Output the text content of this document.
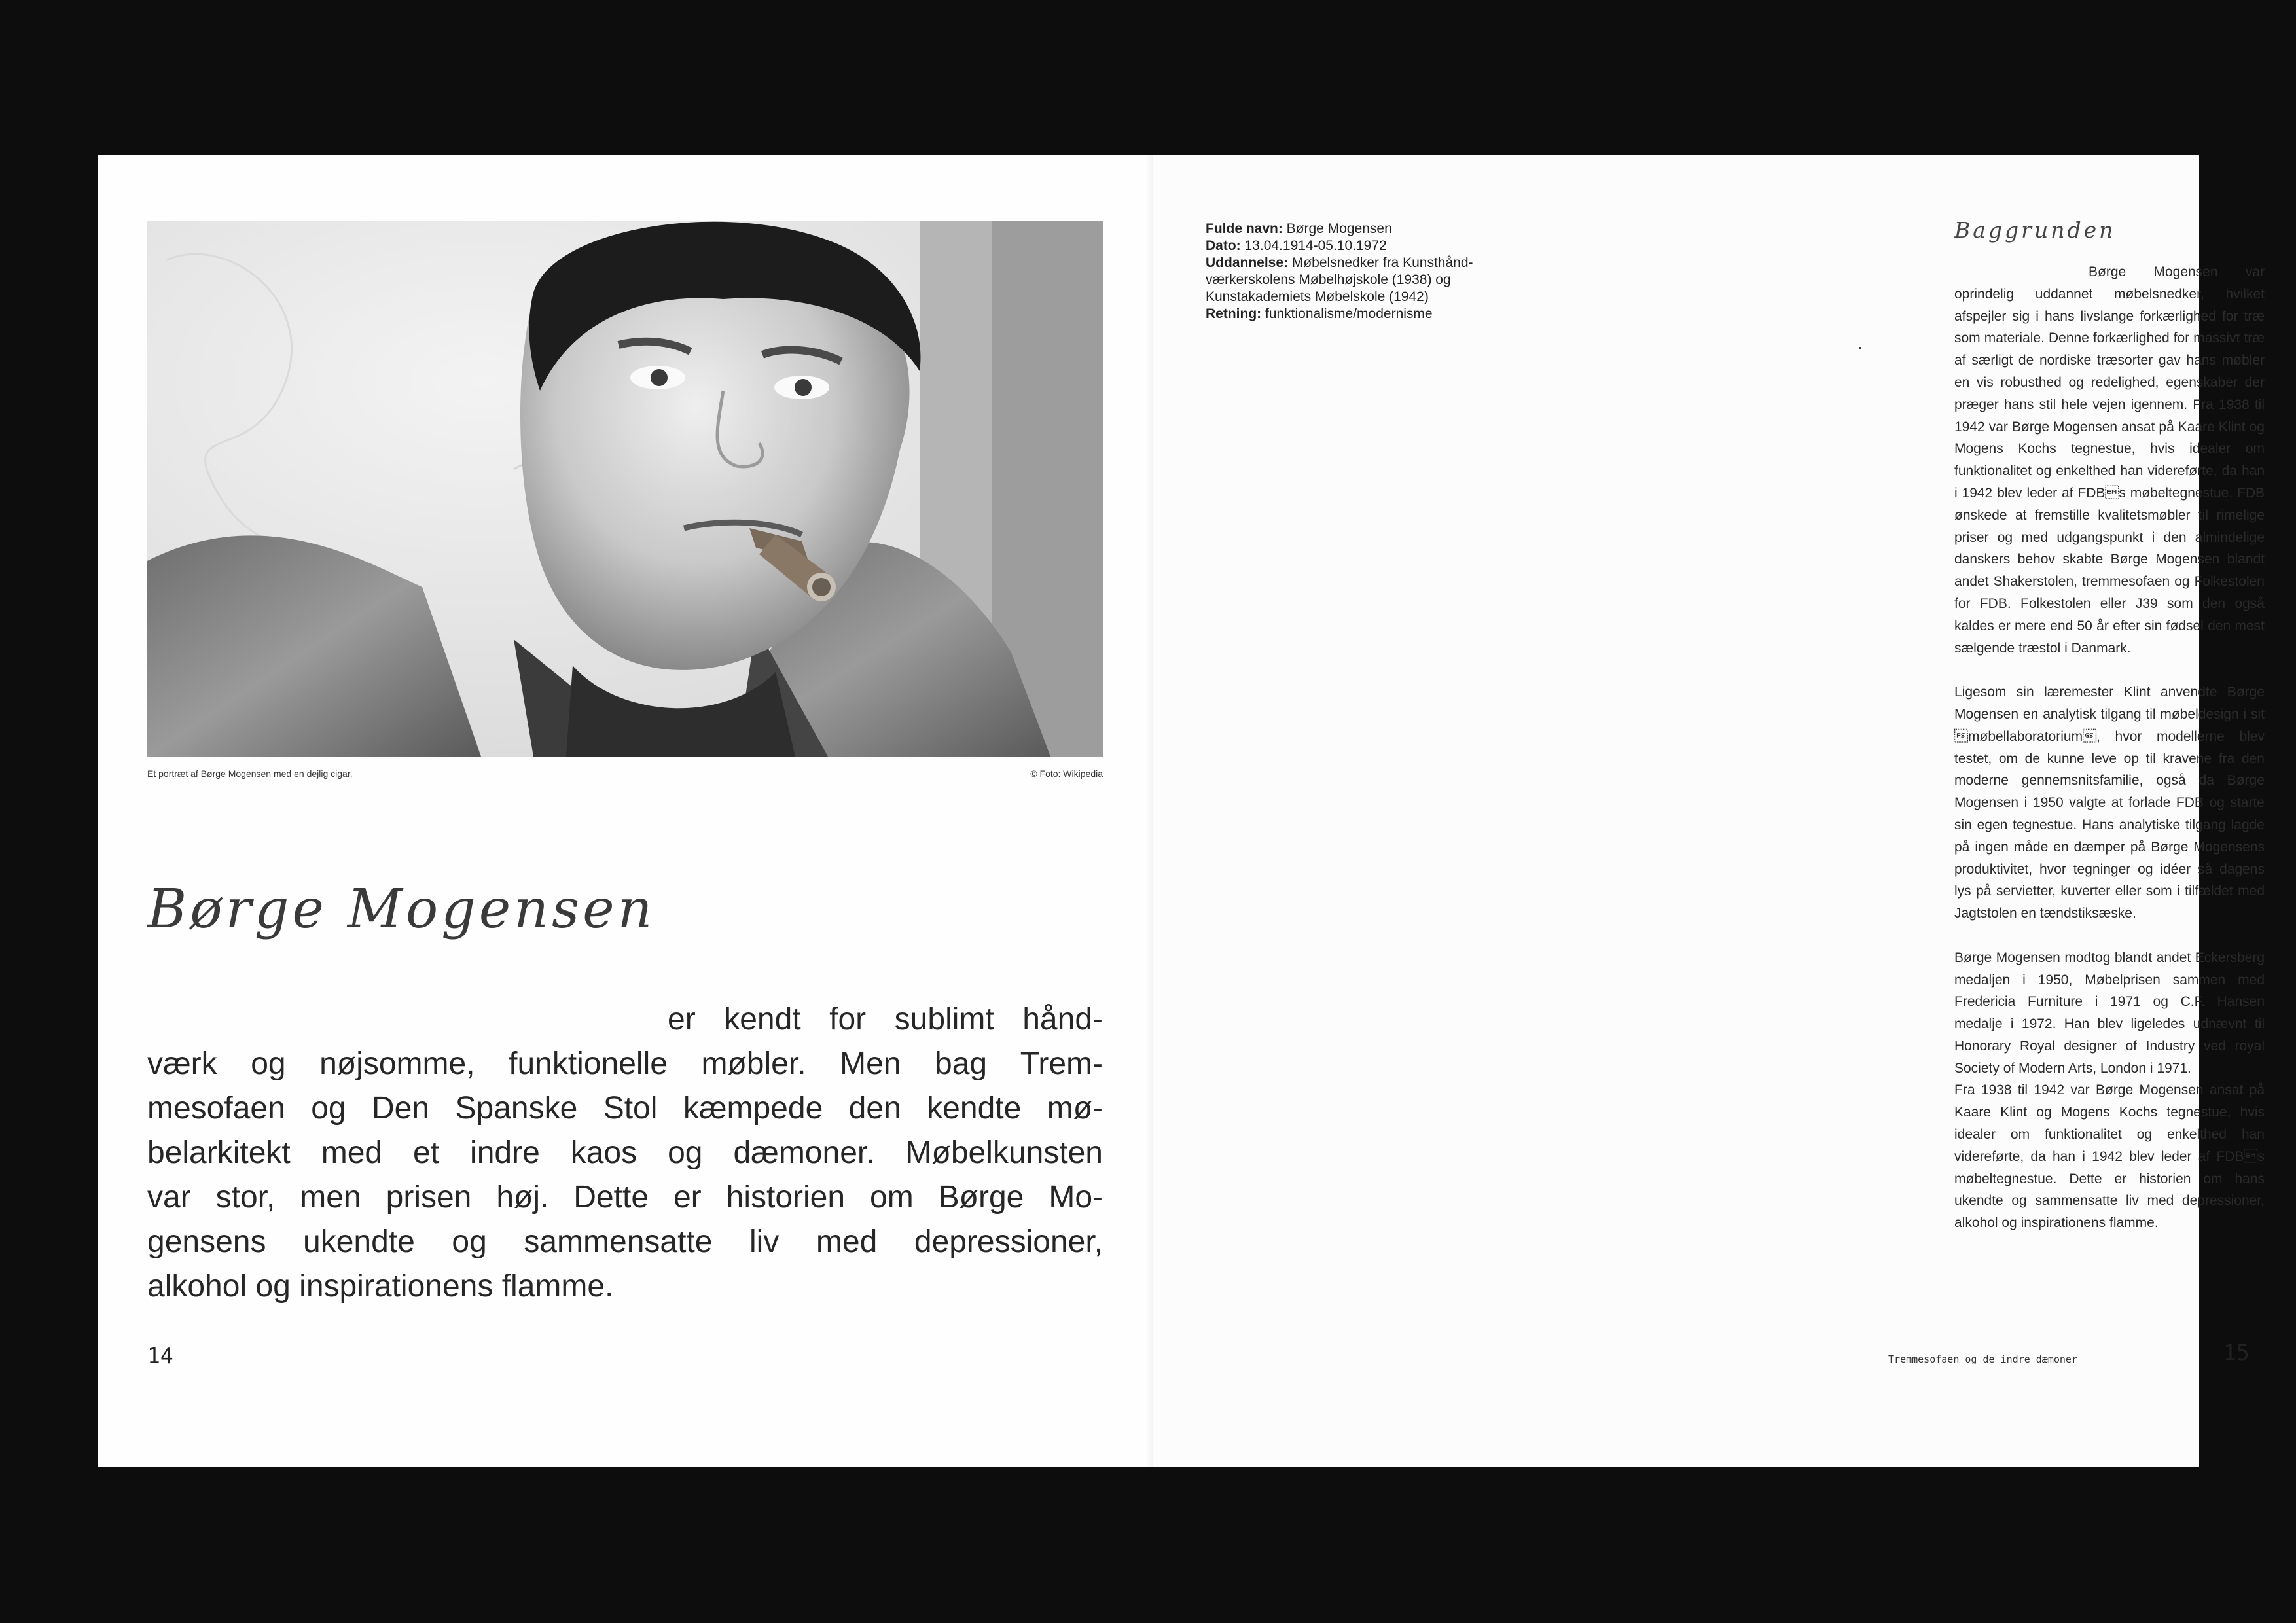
Et portræt af Børge Mogensen med en dejlig cigar.	© Foto: Wikipedia
Børge Mogensen
er kendt for sublimt hånd-
værk og nøjsomme, funktionelle møbler. Men bag Trem-
mesofaen og Den Spanske Stol kæmpede den kendte mø-
belarkitekt med et indre kaos og dæmoner. Møbelkunsten
var stor, men prisen høj. Dette er historien om Børge Mo-
gensens ukendte og sammensatte liv med depressioner,
alkohol og inspirationens flamme.
14
Fulde navn: Børge Mogensen
Dato: 13.04.1914-05.10.1972
Uddannelse: Møbelsnedker fra Kunsthånd-værkerskolens Møbelhøjskole (1938) og Kunstakademiets Møbelskole (1942)
Retning: funktionalisme/modernisme
Baggrunden

Børge Mogensen var oprindelig uddannet møbelsnedker, hvilket afspejler sig i hans livslange forkærlighed for træ som materiale. Denne forkærlighed for massivt træ af særligt de nordiske træsorter gav hans møbler en vis robusthed og redelighed, egenskaber der præger hans stil hele vejen igennem. Fra 1938 til 1942 var Børge Mogensen ansat på Kaare Klint og Mogens Kochs tegnestue, hvis idealer om funktionalitet og enkelthed han videreførte, da han i 1942 blev leder af FDBs møbeltegnestue. FDB ønskede at fremstille kvalitetsmøbler til rimelige priser og med udgangspunkt i den almindelige danskers behov skabte Børge Mogensen blandt andet Shakerstolen, tremmesofaen og Folkestolen for FDB. Folkestolen eller J39 som den også kaldes er mere end 50 år efter sin fødsel den mest sælgende træstol i Danmark.

Ligesom sin læremester Klint anvendte Børge Mogensen en analytisk tilgang til møbeldesign i sit møbellaboratorium, hvor modellerne blev testet, om de kunne leve op til kravene fra den moderne gennemsnitsfamilie, også da Børge Mogensen i 1950 valgte at forlade FDB og starte sin egen tegnestue. Hans analytiske tilgang lagde på ingen måde en dæmper på Børge Mogensens produktivitet, hvor tegninger og idéer så dagens lys på servietter, kuverter eller som i tilfældet med Jagtstolen en tændstiksæske.

Børge Mogensen modtog blandt andet Eckersberg medaljen i 1950, Møbelprisen sammen med Fredericia Furniture i 1971 og C.F. Hansen medalje i 1972. Han blev ligeledes udnævnt til Honorary Royal designer of Industry ved royal Society of Modern Arts, London i 1971.

Fra 1938 til 1942 var Børge Mogensen ansat på Kaare Klint og Mogens Kochs tegnestue, hvis idealer om funktionalitet og enkelthed han videreførte, da han i 1942 blev leder af FDBs møbeltegnestue. Dette er historien om hans ukendte og sammensatte liv med depressioner, alkohol og inspirationens flamme.

Tremmesofaen og de indre dæmoner	15
